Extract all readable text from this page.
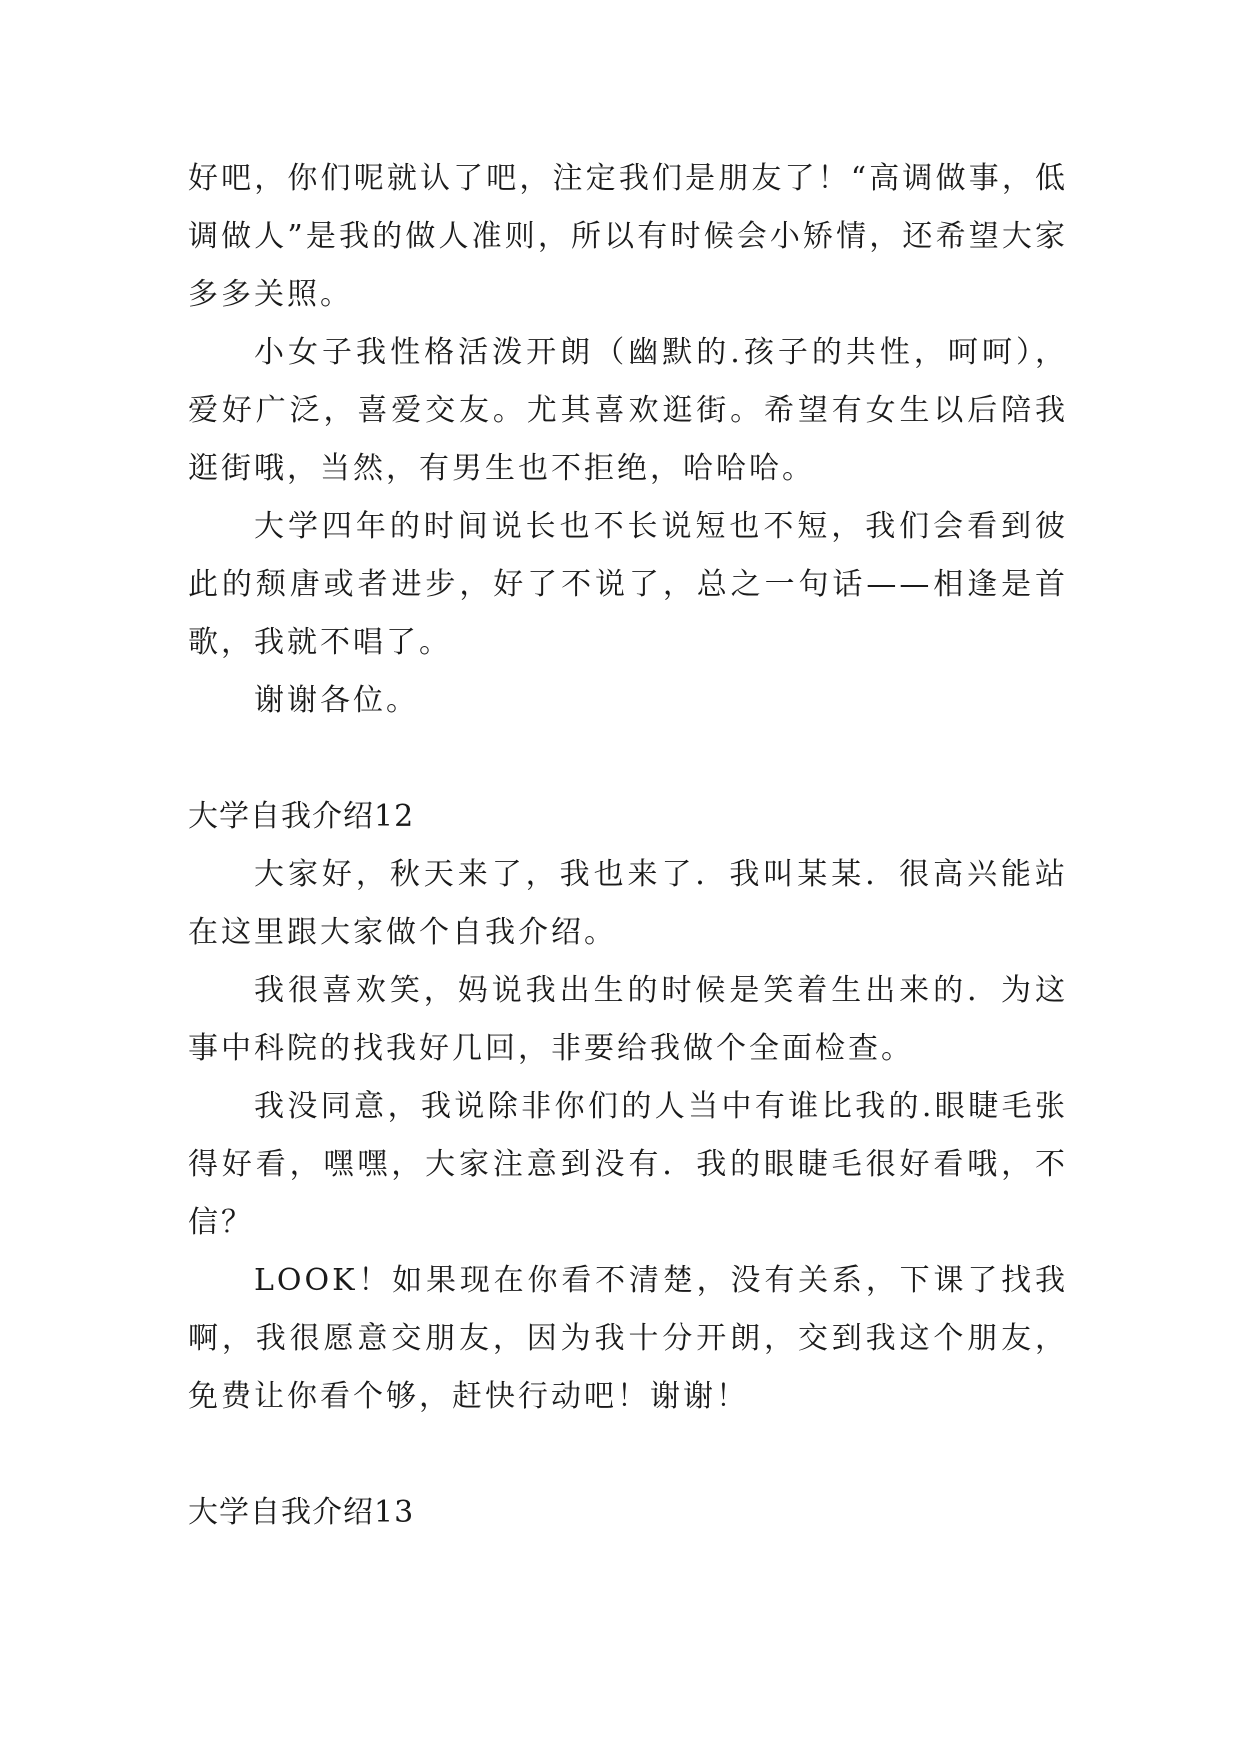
好吧，你们呢就认了吧，注定我们是朋友了！“高调做事，低调做人”是我的做人准则，所以有时候会小矫情，还希望大家多多关照。

小女子我性格活泼开朗（幽默的.孩子的共性，呵呵），爱好广泛，喜爱交友。尤其喜欢逛街。希望有女生以后陪我逛街哦，当然，有男生也不拒绝，哈哈哈。

大学四年的时间说长也不长说短也不短，我们会看到彼此的颓唐或者进步，好了不说了，总之一句话——相逢是首歌，我就不唱了。

谢谢各位。

大学自我介绍12

大家好，秋天来了，我也来了．我叫某某．很高兴能站在这里跟大家做个自我介绍。

我很喜欢笑，妈说我出生的时候是笑着生出来的．为这事中科院的找我好几回，非要给我做个全面检查。

我没同意，我说除非你们的人当中有谁比我的.眼睫毛张得好看，嘿嘿，大家注意到没有．我的眼睫毛很好看哦，不信？

LOOK！如果现在你看不清楚，没有关系，下课了找我啊，我很愿意交朋友，因为我十分开朗，交到我这个朋友，免费让你看个够，赶快行动吧！谢谢！

大学自我介绍13
